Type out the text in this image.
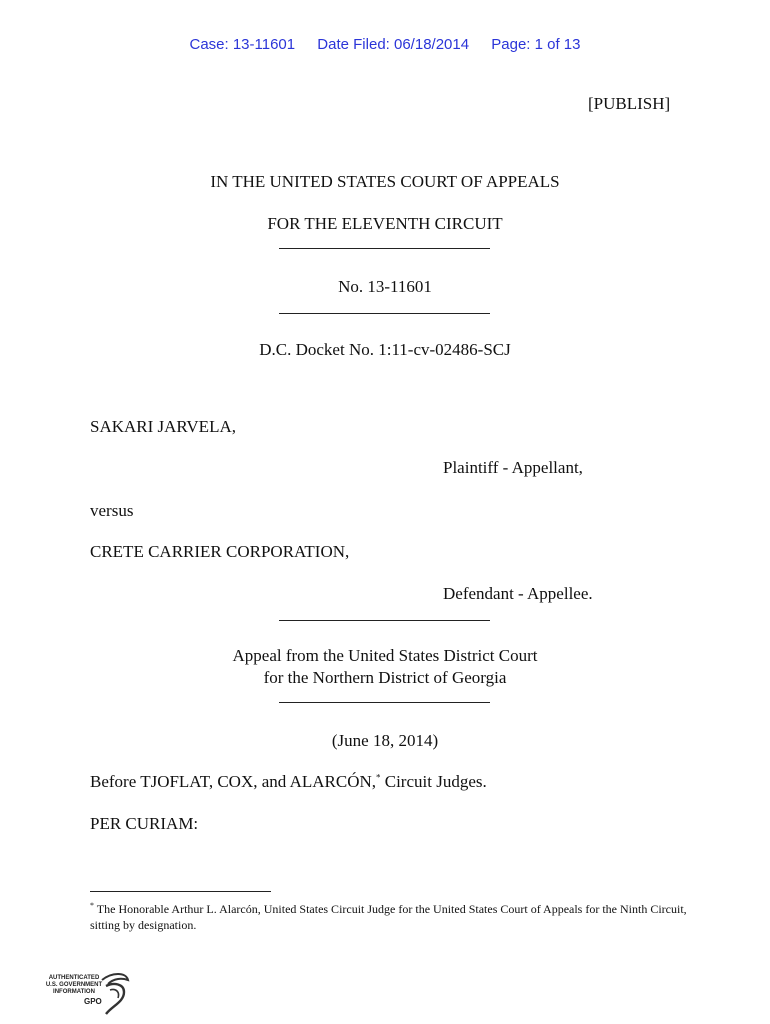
Case: 13-11601 Date Filed: 06/18/2014 Page: 1 of 13
[PUBLISH]
IN THE UNITED STATES COURT OF APPEALS
FOR THE ELEVENTH CIRCUIT
No. 13-11601
D.C. Docket No. 1:11-cv-02486-SCJ
SAKARI JARVELA,
Plaintiff - Appellant,
versus
CRETE CARRIER CORPORATION,
Defendant - Appellee.
Appeal from the United States District Court
for the Northern District of Georgia
(June 18, 2014)
Before TJOFLAT, COX, and ALARCÓN,* Circuit Judges.
PER CURIAM:
* The Honorable Arthur L. Alarcón, United States Circuit Judge for the United States Court of Appeals for the Ninth Circuit, sitting by designation.
AUTHENTICATED
U.S. GOVERNMENT
INFORMATION
GPO
